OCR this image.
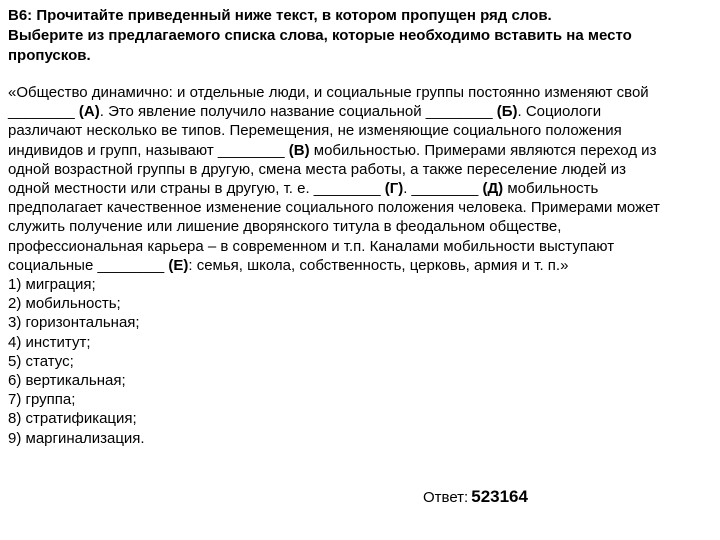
В6: Прочитайте приведенный ниже текст, в котором пропущен ряд слов.
Выберите из предлагаемого списка слова, которые необходимо вставить на место
пропусков.
«Общество динамично: и отдельные люди, и социальные группы постоянно изменяют свой
________ (А). Это явление получило название социальной ________ (Б). Социологи
различают несколько ве типов. Перемещения, не изменяющие социального положения
индивидов и групп, называют ________ (В) мобильностью. Примерами являются переход из
одной возрастной группы в другую, смена места работы, а также переселение людей из
одной местности или страны в другую, т. е. ________ (Г). ________ (Д) мобильность
предполагает качественное изменение социального положения человека. Примерами может
служить получение или лишение дворянского титула в феодальном обществе,
профессиональная карьера – в современном и т.п. Каналами мобильности выступают
социальные ________ (Е): семья, школа, собственность, церковь, армия и т. п.»
1) миграция;
2) мобильность;
3) горизонтальная;
4) институт;
5) статус;
6) вертикальная;
7) группа;
8) стратификация;
9) маргинализация.
Ответ: 523164
